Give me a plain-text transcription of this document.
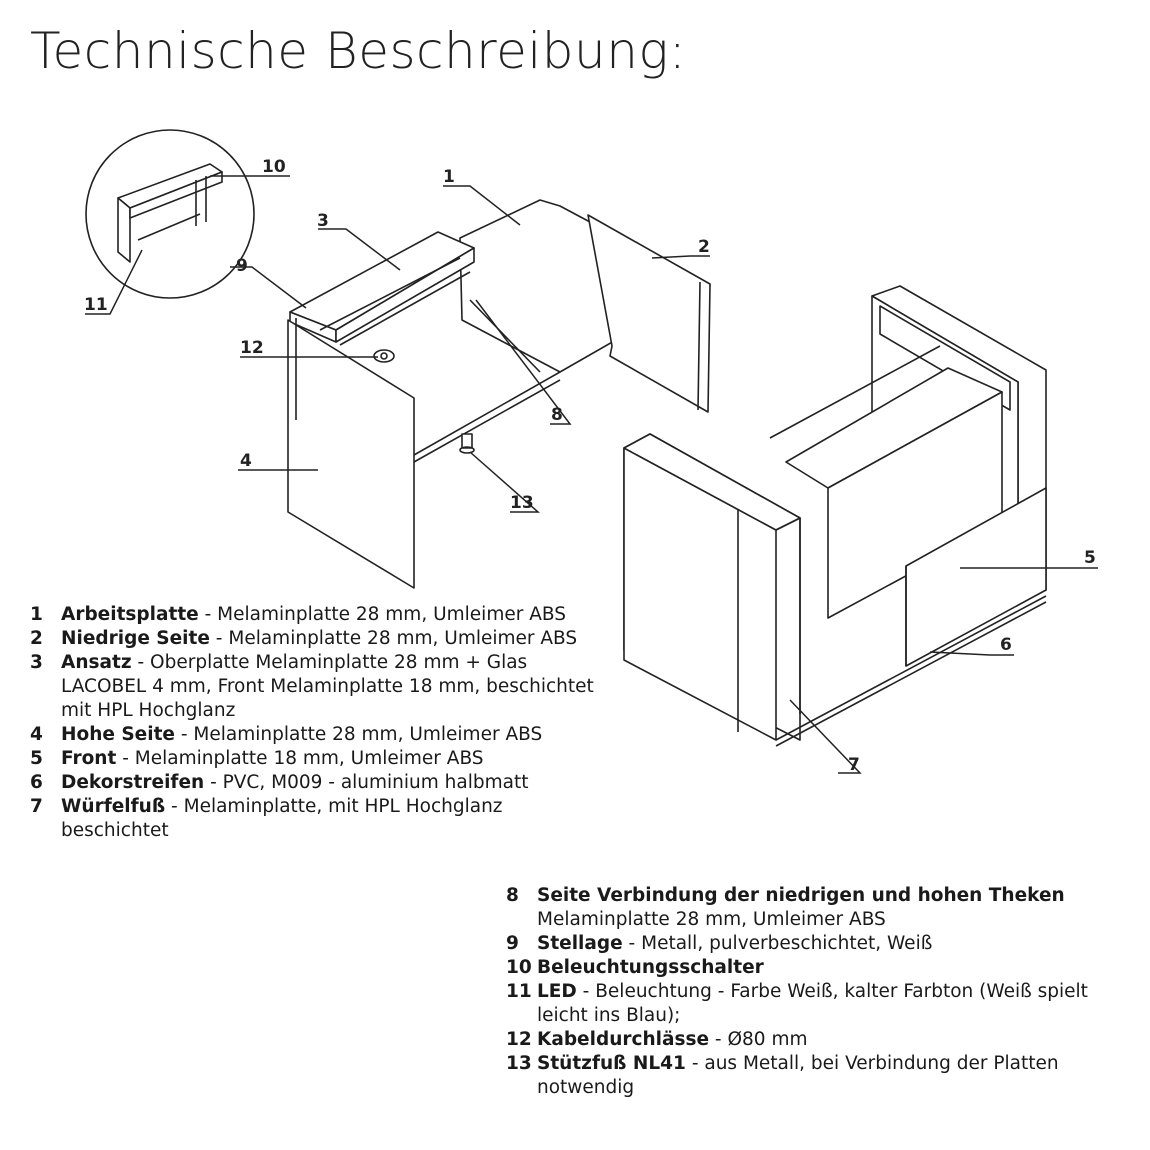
Technische Beschreibung:
1
2
3
4
5
6
7
8
9
10
11
12
13
1 Arbeitsplatte - Melaminplatte 28 mm, Umleimer ABS
2 Niedrige Seite - Melaminplatte 28 mm, Umleimer ABS
3 Ansatz - Oberplatte Melaminplatte 28 mm + Glas LACOBEL 4 mm, Front Melaminplatte 18 mm, beschichtet mit HPL Hochglanz
4 Hohe Seite - Melaminplatte 28 mm, Umleimer ABS
5 Front - Melaminplatte 18 mm, Umleimer ABS
6 Dekorstreifen - PVC, M009 - aluminium halbmatt
7 Würfelfuß - Melaminplatte, mit HPL Hochglanz beschichtet
8 Seite Verbindung der niedrigen und hohen Theken
Melaminplatte 28 mm, Umleimer ABS
9 Stellage - Metall, pulverbeschichtet, Weiß
10 Beleuchtungsschalter
11 LED - Beleuchtung - Farbe Weiß, kalter Farbton (Weiß spielt leicht ins Blau);
12 Kabeldurchlässe - Ø80 mm
13 Stützfuß NL41 - aus Metall, bei Verbindung der Platten notwendig
